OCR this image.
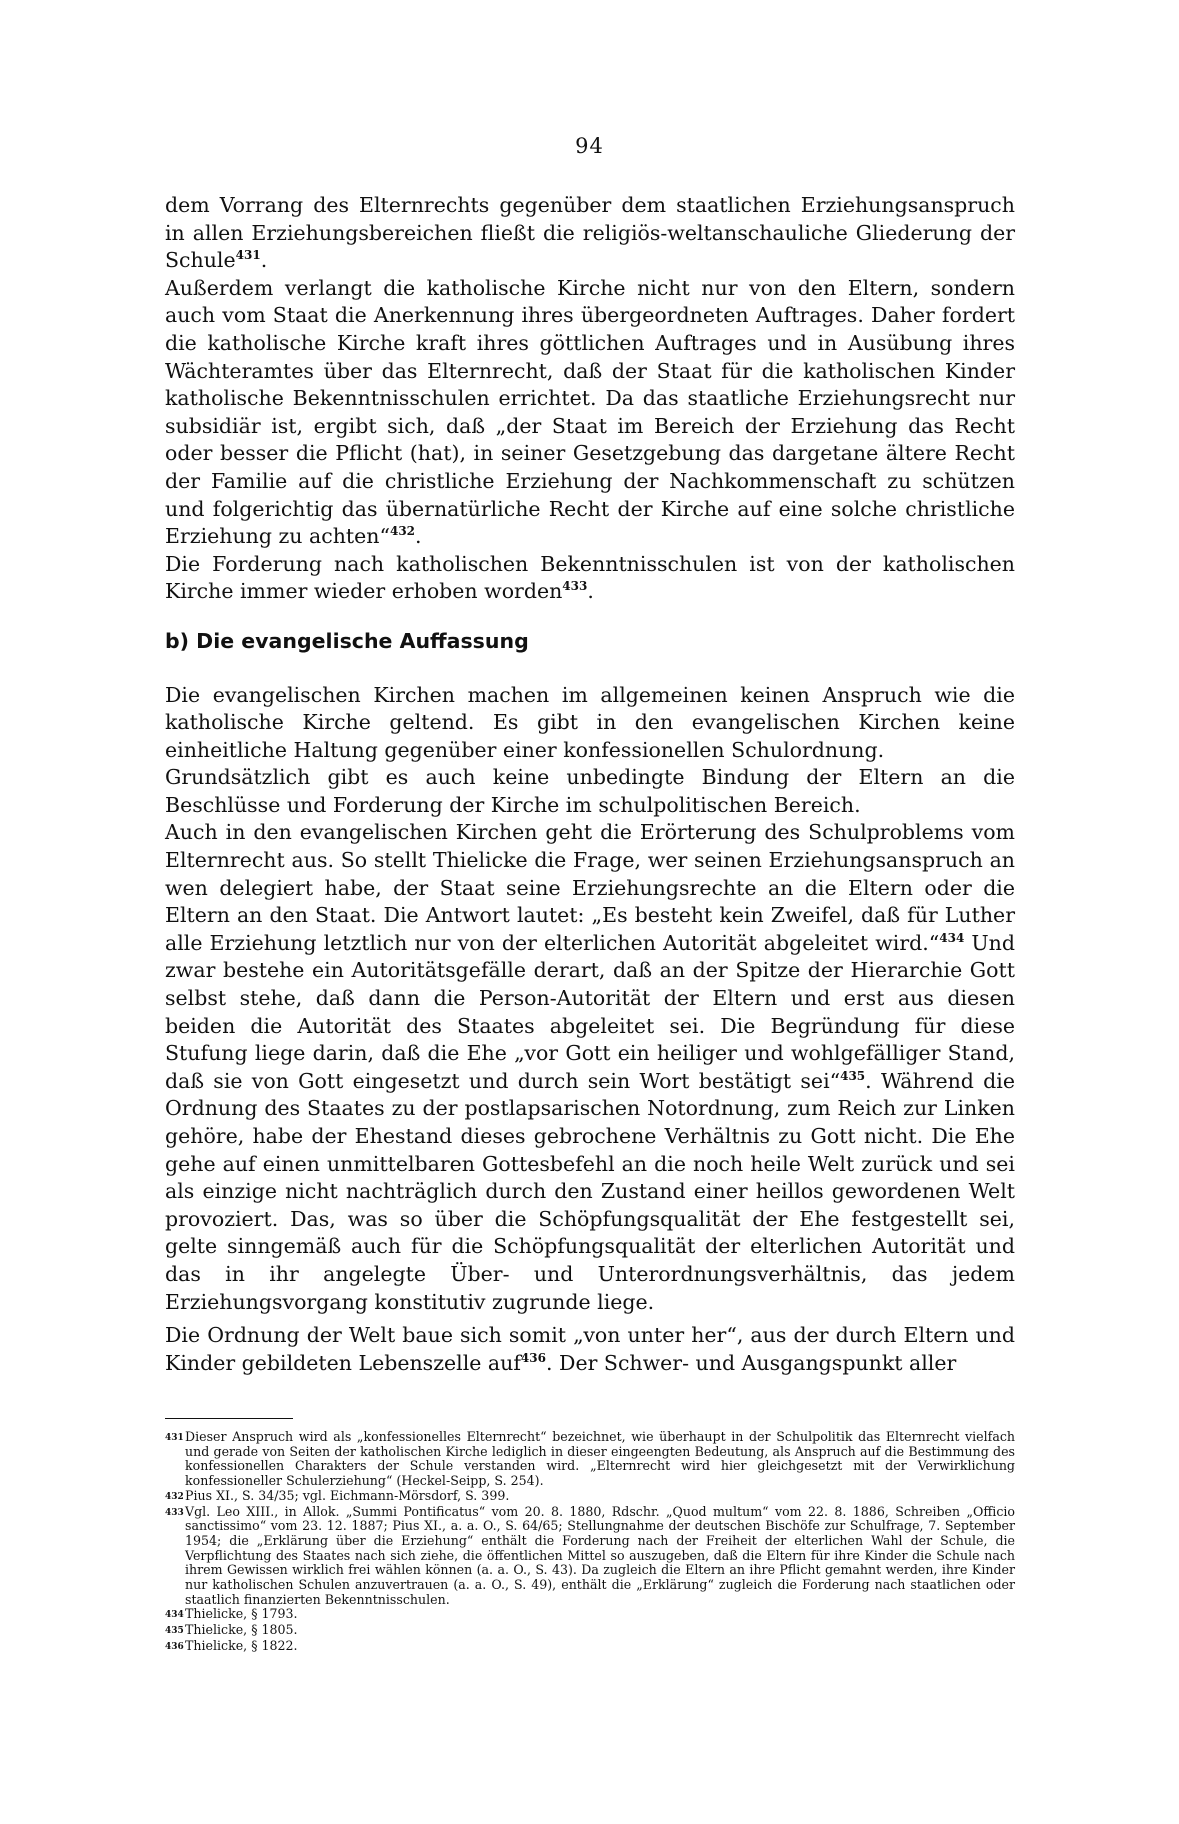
94

dem Vorrang des Elternrechts gegenüber dem staatlichen Erziehungsanspruch in allen Erziehungsbereichen fließt die religiös-weltanschauliche Gliederung der Schule$^{431}$.

Außerdem verlangt die katholische Kirche nicht nur von den Eltern, sondern auch vom Staat die Anerkennung ihres übergeordneten Auftrages. Daher fordert die katholische Kirche kraft ihres göttlichen Auftrages und in Ausübung ihres Wächteramtes über das Elternrecht, daß der Staat für die katholischen Kinder katholische Bekenntnisschulen errichtet. Da das staatliche Erziehungsrecht nur subsidiär ist, ergibt sich, daß „der Staat im Bereich der Erziehung das Recht oder besser die Pflicht (hat), in seiner Gesetzgebung das dargetane ältere Recht der Familie auf die christliche Erziehung der Nachkommenschaft zu schützen und folgerichtig das übernatürliche Recht der Kirche auf eine solche christliche Erziehung zu achten“$^{432}$.

Die Forderung nach katholischen Bekenntnisschulen ist von der katholischen Kirche immer wieder erhoben worden$^{433}$.

b) Die evangelische Auffassung

Die evangelischen Kirchen machen im allgemeinen keinen Anspruch wie die katholische Kirche geltend. Es gibt in den evangelischen Kirchen keine einheitliche Haltung gegenüber einer konfessionellen Schulordnung.

Grundsätzlich gibt es auch keine unbedingte Bindung der Eltern an die Beschlüsse und Forderung der Kirche im schulpolitischen Bereich.

Auch in den evangelischen Kirchen geht die Erörterung des Schulproblems vom Elternrecht aus. So stellt Thielicke die Frage, wer seinen Erziehungsanspruch an wen delegiert habe, der Staat seine Erziehungsrechte an die Eltern oder die Eltern an den Staat. Die Antwort lautet: „Es besteht kein Zweifel, daß für Luther alle Erziehung letztlich nur von der elterlichen Autorität abgeleitet wird.“$^{434}$ Und zwar bestehe ein Autoritätsgefälle derart, daß an der Spitze der Hierarchie Gott selbst stehe, daß dann die Person-Autorität der Eltern und erst aus diesen beiden die Autorität des Staates abgeleitet sei. Die Begründung für diese Stufung liege darin, daß die Ehe „vor Gott ein heiliger und wohlgefälliger Stand, daß sie von Gott eingesetzt und durch sein Wort bestätigt sei“$^{435}$. Während die Ordnung des Staates zu der postlapsarischen Notordnung, zum Reich zur Linken gehöre, habe der Ehestand dieses gebrochene Verhältnis zu Gott nicht. Die Ehe gehe auf einen unmittelbaren Gottesbefehl an die noch heile Welt zurück und sei als einzige nicht nachträglich durch den Zustand einer heillos gewordenen Welt provoziert. Das, was so über die Schöpfungsqualität der Ehe festgestellt sei, gelte sinngemäß auch für die Schöpfungsqualität der elterlichen Autorität und das in ihr angelegte Über- und Unterordnungsverhältnis, das jedem Erziehungsvorgang konstitutiv zugrunde liege.

Die Ordnung der Welt baue sich somit „von unter her“, aus der durch Eltern und Kinder gebildeten Lebenszelle auf$^{436}$. Der Schwer- und Ausgangspunkt aller

431 Dieser Anspruch wird als „konfessionelles Elternrecht“ bezeichnet, wie überhaupt in der Schulpolitik das Elternrecht vielfach und gerade von Seiten der katholischen Kirche lediglich in dieser eingeengten Bedeutung, als Anspruch auf die Bestimmung des konfessionellen Charakters der Schule verstanden wird. „Elternrecht wird hier gleichgesetzt mit der Verwirklichung konfessioneller Schulerziehung“ (Heckel-Seipp, S. 254).
432 Pius XI., S. 34/35; vgl. Eichmann-Mörsdorf, S. 399.
433 Vgl. Leo XIII., in Allok. „Summi Pontificatus“ vom 20. 8. 1880, Rdschr. „Quod multum“ vom 22. 8. 1886, Schreiben „Officio sanctissimo“ vom 23. 12. 1887; Pius XI., a. a. O., S. 64/65; Stellungnahme der deutschen Bischöfe zur Schulfrage, 7. September 1954; die „Erklärung über die Erziehung“ enthält die Forderung nach der Freiheit der elterlichen Wahl der Schule, die Verpflichtung des Staates nach sich ziehe, die öffentlichen Mittel so auszugeben, daß die Eltern für ihre Kinder die Schule nach ihrem Gewissen wirklich frei wählen können (a. a. O., S. 43). Da zugleich die Eltern an ihre Pflicht gemahnt werden, ihre Kinder nur katholischen Schulen anzuvertrauen (a. a. O., S. 49), enthält die „Erklärung“ zugleich die Forderung nach staatlichen oder staatlich finanzierten Bekenntnisschulen.
434 Thielicke, § 1793.
435 Thielicke, § 1805.
436 Thielicke, § 1822.
